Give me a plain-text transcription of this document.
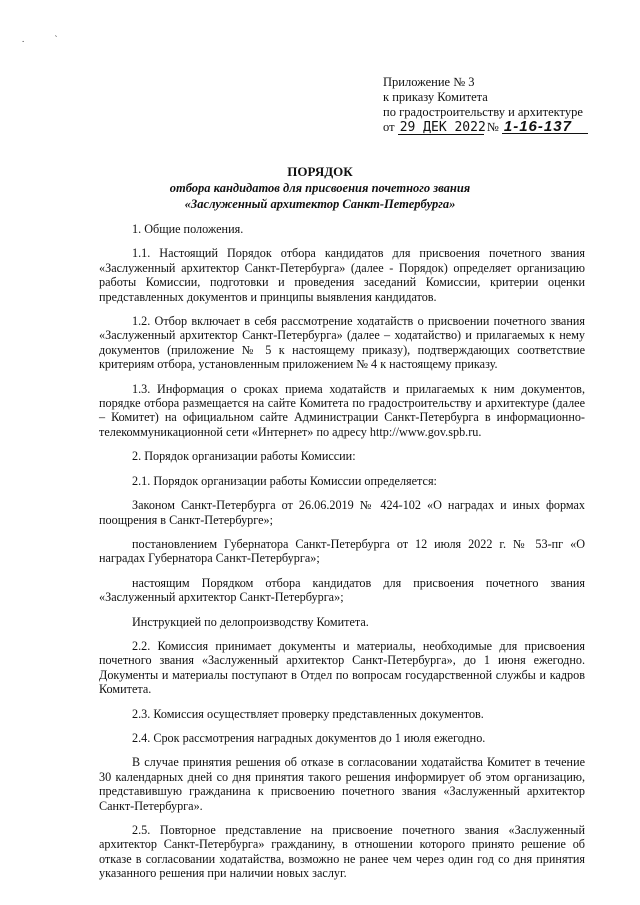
. ˋ
Приложение № 3
к приказу Комитета
по градостроительству и архитектуре
от 29 ДЕК 2022 № 1-16-137
ПОРЯДОК
отбора кандидатов для присвоения почетного звания
«Заслуженный архитектор Санкт-Петербурга»
1. Общие положения.
1.1. Настоящий Порядок отбора кандидатов для присвоения почетного звания «Заслуженный архитектор Санкт-Петербурга» (далее - Порядок) определяет организацию работы Комиссии, подготовки и проведения заседаний Комиссии, критерии оценки представленных документов и принципы выявления кандидатов.
1.2. Отбор включает в себя рассмотрение ходатайств о присвоении почетного звания «Заслуженный архитектор Санкт-Петербурга» (далее – ходатайство) и прилагаемых к нему документов (приложение № 5 к настоящему приказу), подтверждающих соответствие критериям отбора, установленным приложением № 4 к настоящему приказу.
1.3. Информация о сроках приема ходатайств и прилагаемых к ним документов, порядке отбора размещается на сайте Комитета по градостроительству и архитектуре (далее – Комитет) на официальном сайте Администрации Санкт-Петербурга в информационно-телекоммуникационной сети «Интернет» по адресу http://www.gov.spb.ru.
2. Порядок организации работы Комиссии:
2.1. Порядок организации работы Комиссии определяется:
Законом Санкт-Петербурга от 26.06.2019 № 424-102 «О наградах и иных формах поощрения в Санкт-Петербурге»;
постановлением Губернатора Санкт-Петербурга от 12 июля 2022 г. № 53-пг «О наградах Губернатора Санкт-Петербурга»;
настоящим Порядком отбора кандидатов для присвоения почетного звания «Заслуженный архитектор Санкт-Петербурга»;
Инструкцией по делопроизводству Комитета.
2.2. Комиссия принимает документы и материалы, необходимые для присвоения почетного звания «Заслуженный архитектор Санкт-Петербурга», до 1 июня ежегодно. Документы и материалы поступают в Отдел по вопросам государственной службы и кадров Комитета.
2.3. Комиссия осуществляет проверку представленных документов.
2.4. Срок рассмотрения наградных документов до 1 июля ежегодно.
В случае принятия решения об отказе в согласовании ходатайства Комитет в течение 30 календарных дней со дня принятия такого решения информирует об этом организацию, представившую гражданина к присвоению почетного звания «Заслуженный архитектор Санкт-Петербурга».
2.5. Повторное представление на присвоение почетного звания «Заслуженный архитектор Санкт-Петербурга» гражданину, в отношении которого принято решение об отказе в согласовании ходатайства, возможно не ранее чем через один год со дня принятия указанного решения при наличии новых заслуг.
